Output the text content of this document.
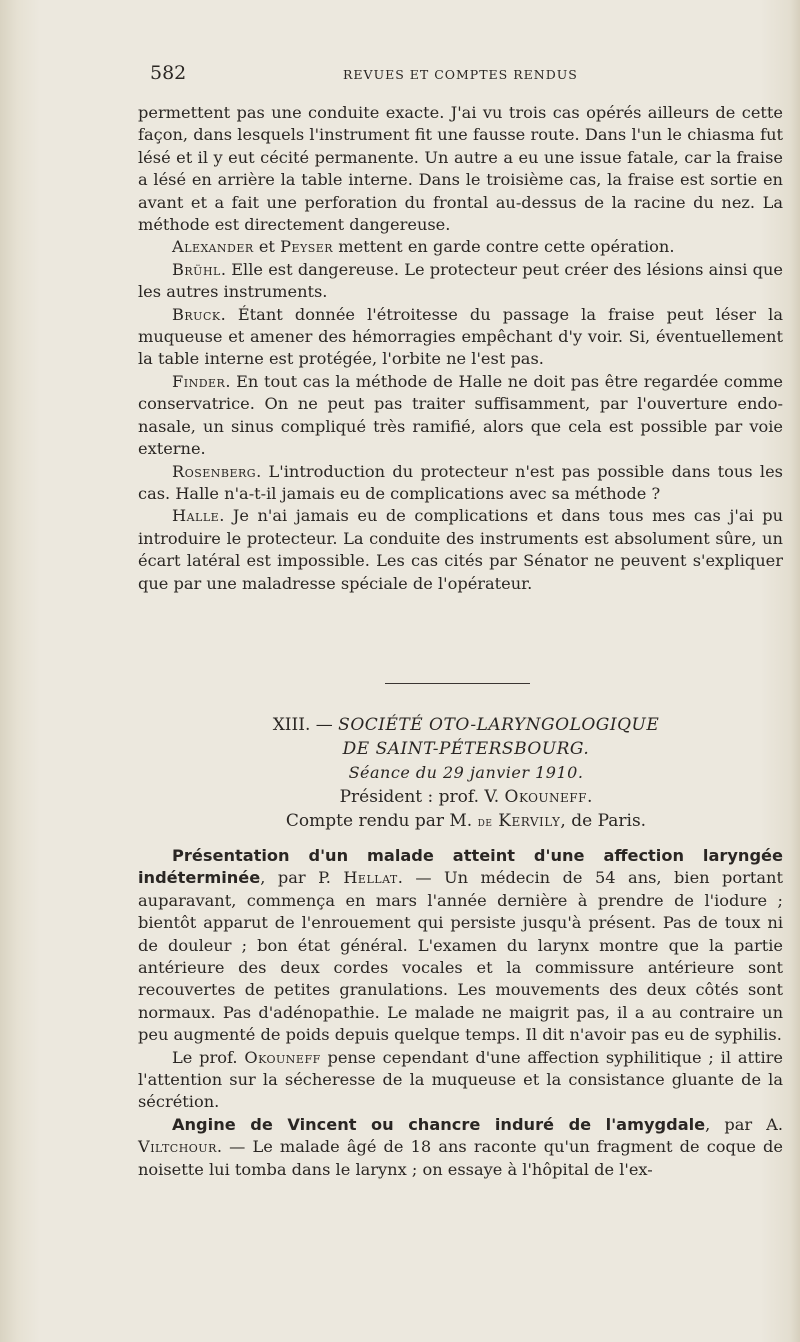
582	REVUES ET COMPTES RENDUS

permettent pas une conduite exacte. J'ai vu trois cas opérés ailleurs de cette façon, dans lesquels l'instrument fit une fausse route. Dans l'un le chiasma fut lésé et il y eut cécité permanente. Un autre a eu une issue fatale, car la fraise a lésé en arrière la table interne. Dans le troisième cas, la fraise est sortie en avant et a fait une perforation du frontal au-dessus de la racine du nez. La méthode est directement dangereuse.

Alexander et Peyser mettent en garde contre cette opération.

Brühl. Elle est dangereuse. Le protecteur peut créer des lésions ainsi que les autres instruments.

Bruck. Étant donnée l'étroitesse du passage la fraise peut léser la muqueuse et amener des hémorragies empêchant d'y voir. Si, éventuellement la table interne est protégée, l'orbite ne l'est pas.

Finder. En tout cas la méthode de Halle ne doit pas être regardée comme conservatrice. On ne peut pas traiter suffisamment, par l'ouverture endo-nasale, un sinus compliqué très ramifié, alors que cela est possible par voie externe.

Rosenberg. L'introduction du protecteur n'est pas possible dans tous les cas. Halle n'a-t-il jamais eu de complications avec sa méthode ?

Halle. Je n'ai jamais eu de complications et dans tous mes cas j'ai pu introduire le protecteur. La conduite des instruments est absolument sûre, un écart latéral est impossible. Les cas cités par Sénator ne peuvent s'expliquer que par une maladresse spéciale de l'opérateur.

XIII. — SOCIÉTÉ OTO-LARYNGOLOGIQUE
DE SAINT-PÉTERSBOURG.
Séance du 29 janvier 1910.
Président : prof. V. Okouneff.
Compte rendu par M. de Kervily, de Paris.

Présentation d'un malade atteint d'une affection laryngée indéterminée, par P. Hellat. — Un médecin de 54 ans, bien portant auparavant, commença en mars l'année dernière à prendre de l'iodure ; bientôt apparut de l'enrouement qui persiste jusqu'à présent. Pas de toux ni de douleur ; bon état général. L'examen du larynx montre que la partie antérieure des deux cordes vocales et la commissure antérieure sont recouvertes de petites granulations. Les mouvements des deux côtés sont normaux. Pas d'adénopathie. Le malade ne maigrit pas, il a au contraire un peu augmenté de poids depuis quelque temps. Il dit n'avoir pas eu de syphilis.

Le prof. Okouneff pense cependant d'une affection syphilitique ; il attire l'attention sur la sécheresse de la muqueuse et la consistance gluante de la sécrétion.

Angine de Vincent ou chancre induré de l'amygdale, par A. Viltchour. — Le malade âgé de 18 ans raconte qu'un fragment de coque de noisette lui tomba dans le larynx ; on essaye à l'hôpital de l'ex-
